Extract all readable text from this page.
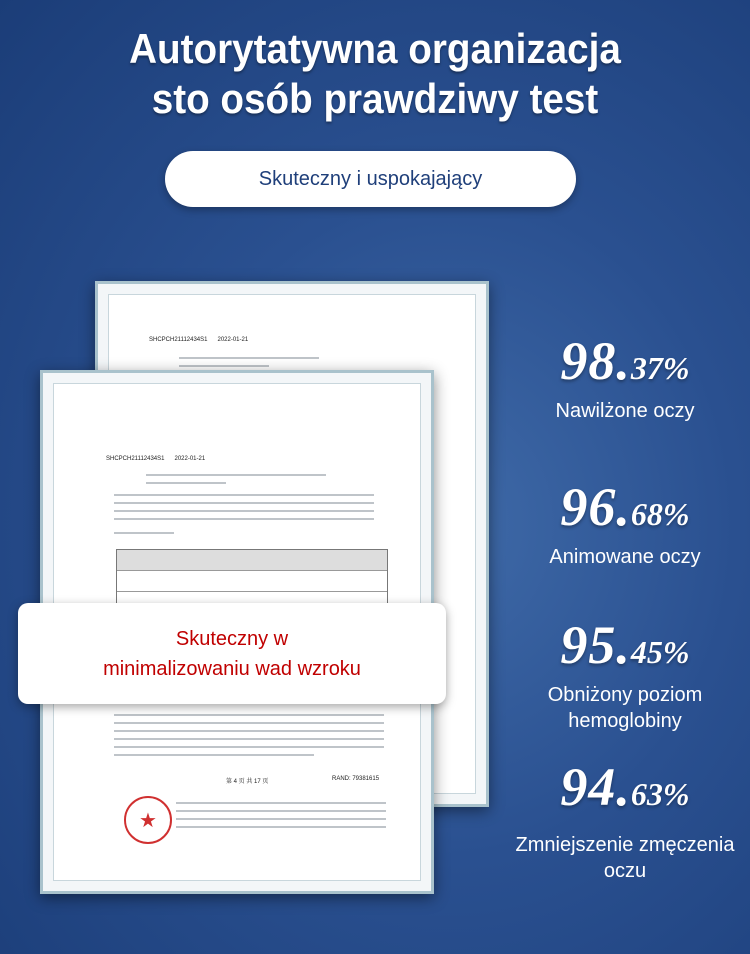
Autorytatywna organizacja
sto osób prawdziwy test
Skuteczny i uspokajający
SHCPCH21112434S1 2022-01-21
SHCPCH21112434S1 2022-01-21
第 4 页 共 17 页	RAND: 79381615
★
Skuteczny w
minimalizowaniu wad wzroku
98.37%
Nawilżone oczy
96.68%
Animowane oczy
95.45%
Obniżony poziom hemoglobiny
94.63%
Zmniejszenie zmęczenia oczu
